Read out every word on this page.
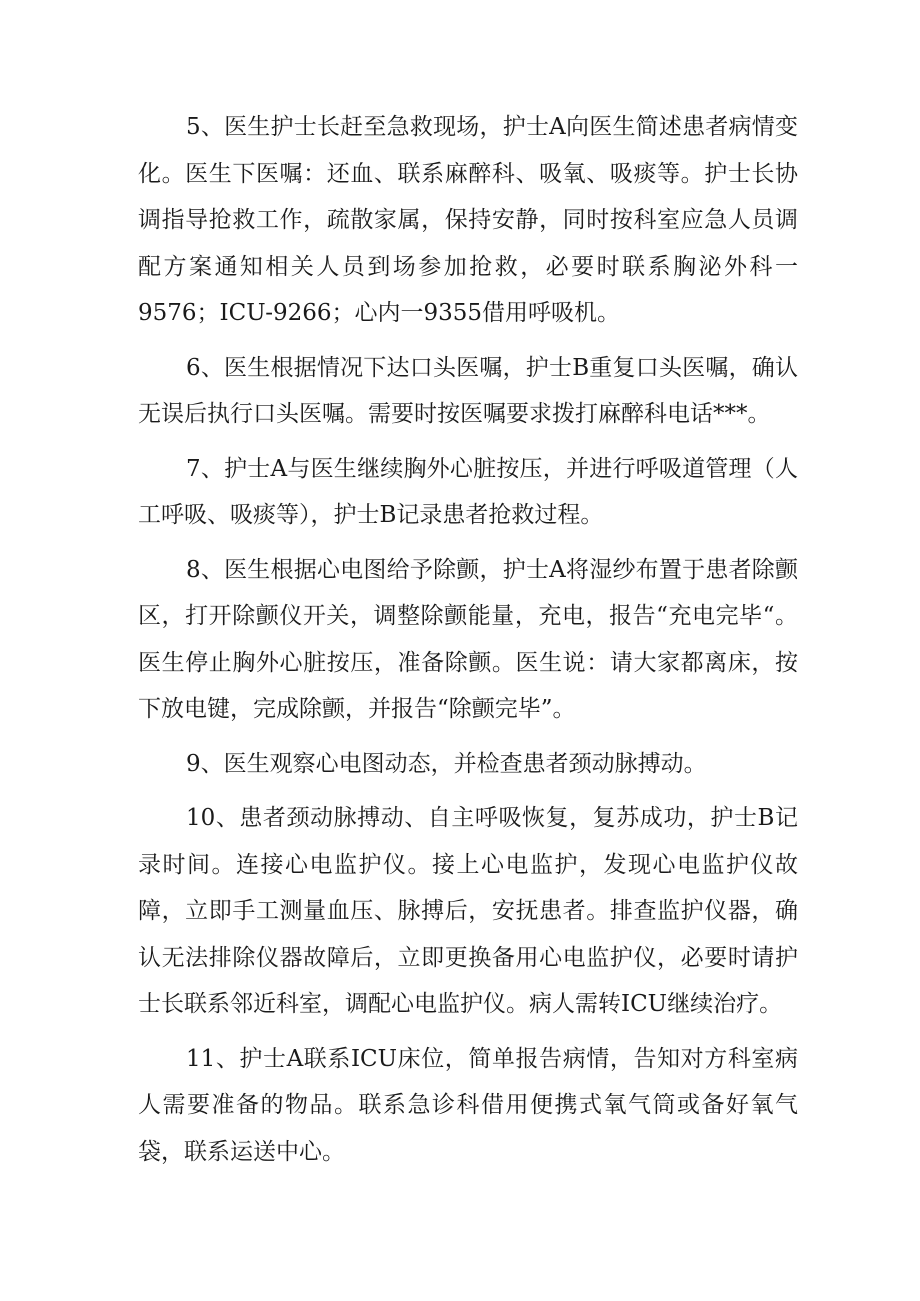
5、医生护士长赶至急救现场，护士A向医生简述患者病情变化。医生下医嘱：还血、联系麻醉科、吸氧、吸痰等。护士长协调指导抢救工作，疏散家属，保持安静，同时按科室应急人员调配方案通知相关人员到场参加抢救，必要时联系胸泌外科一9576；ICU-9266；心内一9355借用呼吸机。

6、医生根据情况下达口头医嘱，护士B重复口头医嘱，确认无误后执行口头医嘱。需要时按医嘱要求拨打麻醉科电话***。

7、护士A与医生继续胸外心脏按压，并进行呼吸道管理（人工呼吸、吸痰等），护士B记录患者抢救过程。

8、医生根据心电图给予除颤，护士A将湿纱布置于患者除颤区，打开除颤仪开关，调整除颤能量，充电，报告“充电完毕“。医生停止胸外心脏按压，准备除颤。医生说：请大家都离床，按下放电键，完成除颤，并报告“除颤完毕”。

9、医生观察心电图动态，并检查患者颈动脉搏动。

10、患者颈动脉搏动、自主呼吸恢复，复苏成功，护士B记录时间。连接心电监护仪。接上心电监护，发现心电监护仪故障，立即手工测量血压、脉搏后，安抚患者。排查监护仪器，确认无法排除仪器故障后，立即更换备用心电监护仪，必要时请护士长联系邻近科室，调配心电监护仪。病人需转ICU继续治疗。

11、护士A联系ICU床位，简单报告病情，告知对方科室病人需要准备的物品。联系急诊科借用便携式氧气筒或备好氧气袋，联系运送中心。
